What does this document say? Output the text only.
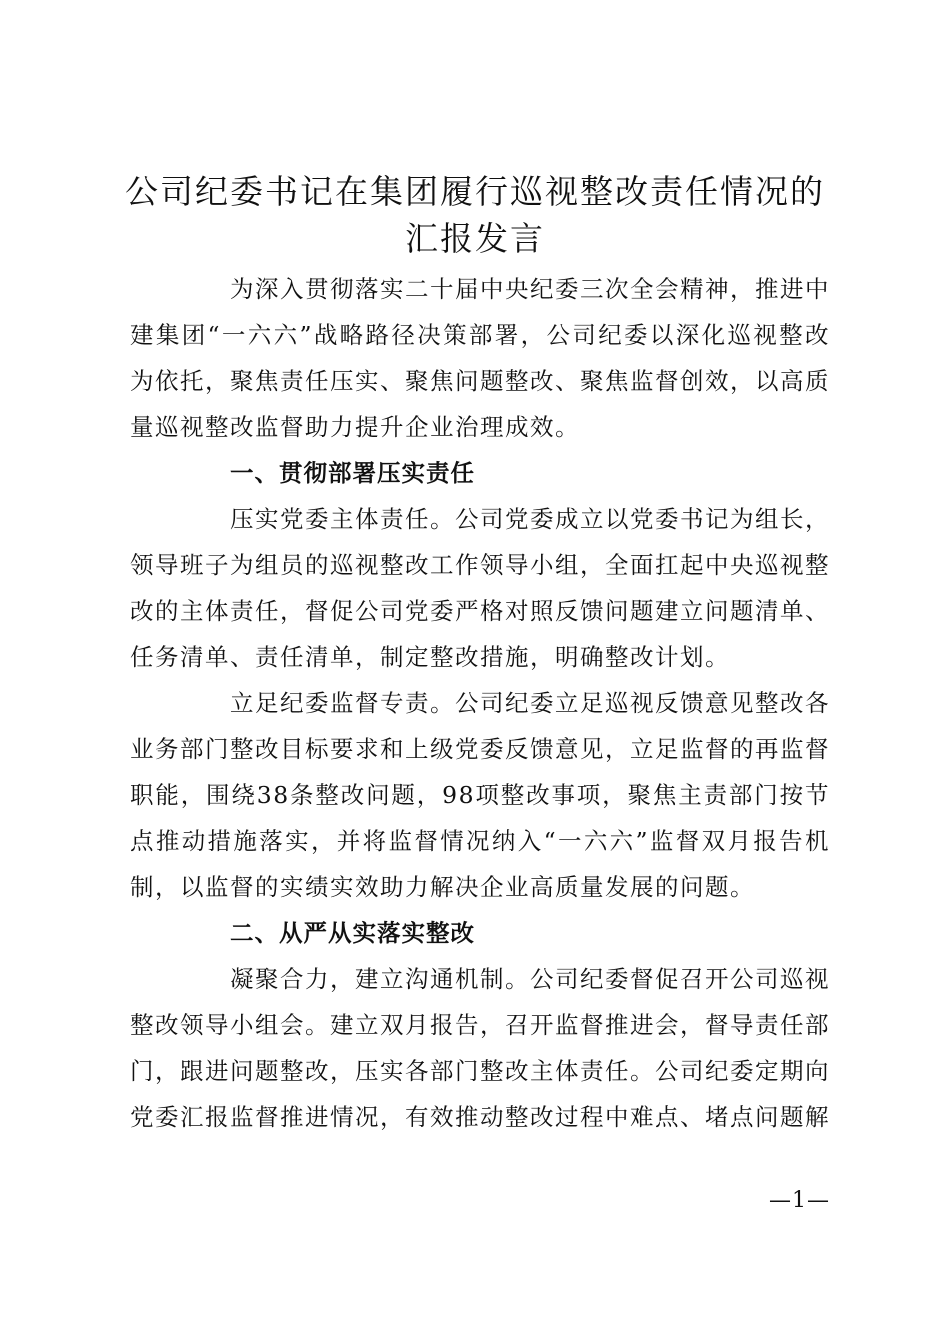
公司纪委书记在集团履行巡视整改责任情况的汇报发言

为深入贯彻落实二十届中央纪委三次全会精神，推进中建集团“一六六”战略路径决策部署，公司纪委以深化巡视整改为依托，聚焦责任压实、聚焦问题整改、聚焦监督创效，以高质量巡视整改监督助力提升企业治理成效。

一、贯彻部署压实责任

压实党委主体责任。公司党委成立以党委书记为组长，领导班子为组员的巡视整改工作领导小组，全面扛起中央巡视整改的主体责任，督促公司党委严格对照反馈问题建立问题清单、任务清单、责任清单，制定整改措施，明确整改计划。

立足纪委监督专责。公司纪委立足巡视反馈意见整改各业务部门整改目标要求和上级党委反馈意见，立足监督的再监督职能，围绕38条整改问题，98项整改事项，聚焦主责部门按节点推动措施落实，并将监督情况纳入“一六六”监督双月报告机制，以监督的实绩实效助力解决企业高质量发展的问题。

二、从严从实落实整改

凝聚合力，建立沟通机制。公司纪委督促召开公司巡视整改领导小组会。建立双月报告，召开监督推进会，督导责任部门，跟进问题整改，压实各部门整改主体责任。公司纪委定期向党委汇报监督推进情况，有效推动整改过程中难点、堵点问题解

—1—
